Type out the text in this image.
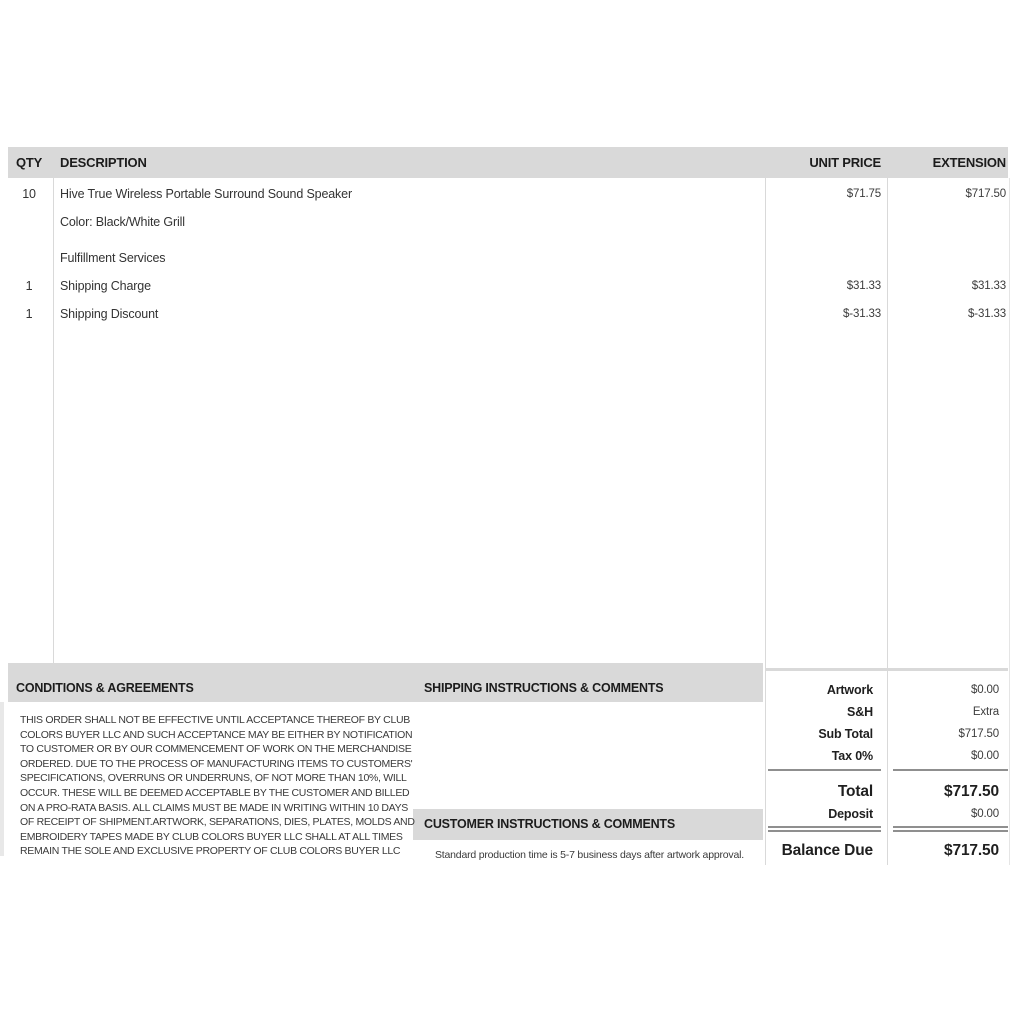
QTY	DESCRIPTION	UNIT PRICE	EXTENSION
10	Hive True Wireless Portable Surround Sound Speaker	$71.75	$717.50
Color: Black/White Grill
Fulfillment Services
1	Shipping Charge	$31.33	$31.33
1	Shipping Discount	$-31.33	$-31.33
CONDITIONS & AGREEMENTS	SHIPPING INSTRUCTIONS & COMMENTS
CUSTOMER INSTRUCTIONS & COMMENTS
THIS ORDER SHALL NOT BE EFFECTIVE UNTIL ACCEPTANCE THEREOF BY CLUB COLORS BUYER LLC AND SUCH ACCEPTANCE MAY BE EITHER BY NOTIFICATION TO CUSTOMER OR BY OUR COMMENCEMENT OF WORK ON THE MERCHANDISE ORDERED. DUE TO THE PROCESS OF MANUFACTURING ITEMS TO CUSTOMERS' SPECIFICATIONS, OVERRUNS OR UNDERRUNS, OF NOT MORE THAN 10%, WILL OCCUR. THESE WILL BE DEEMED ACCEPTABLE BY THE CUSTOMER AND BILLED ON A PRO-RATA BASIS. ALL CLAIMS MUST BE MADE IN WRITING WITHIN 10 DAYS OF RECEIPT OF SHIPMENT.ARTWORK, SEPARATIONS, DIES, PLATES, MOLDS AND EMBROIDERY TAPES MADE BY CLUB COLORS BUYER LLC SHALL AT ALL TIMES REMAIN THE SOLE AND EXCLUSIVE PROPERTY OF CLUB COLORS BUYER LLC	Standard production time is 5-7 business days after artwork approval.
Artwork	$0.00
S&H	Extra
Sub Total	$717.50
Tax 0%	$0.00
Total	$717.50
Deposit	$0.00
Balance Due	$717.50
